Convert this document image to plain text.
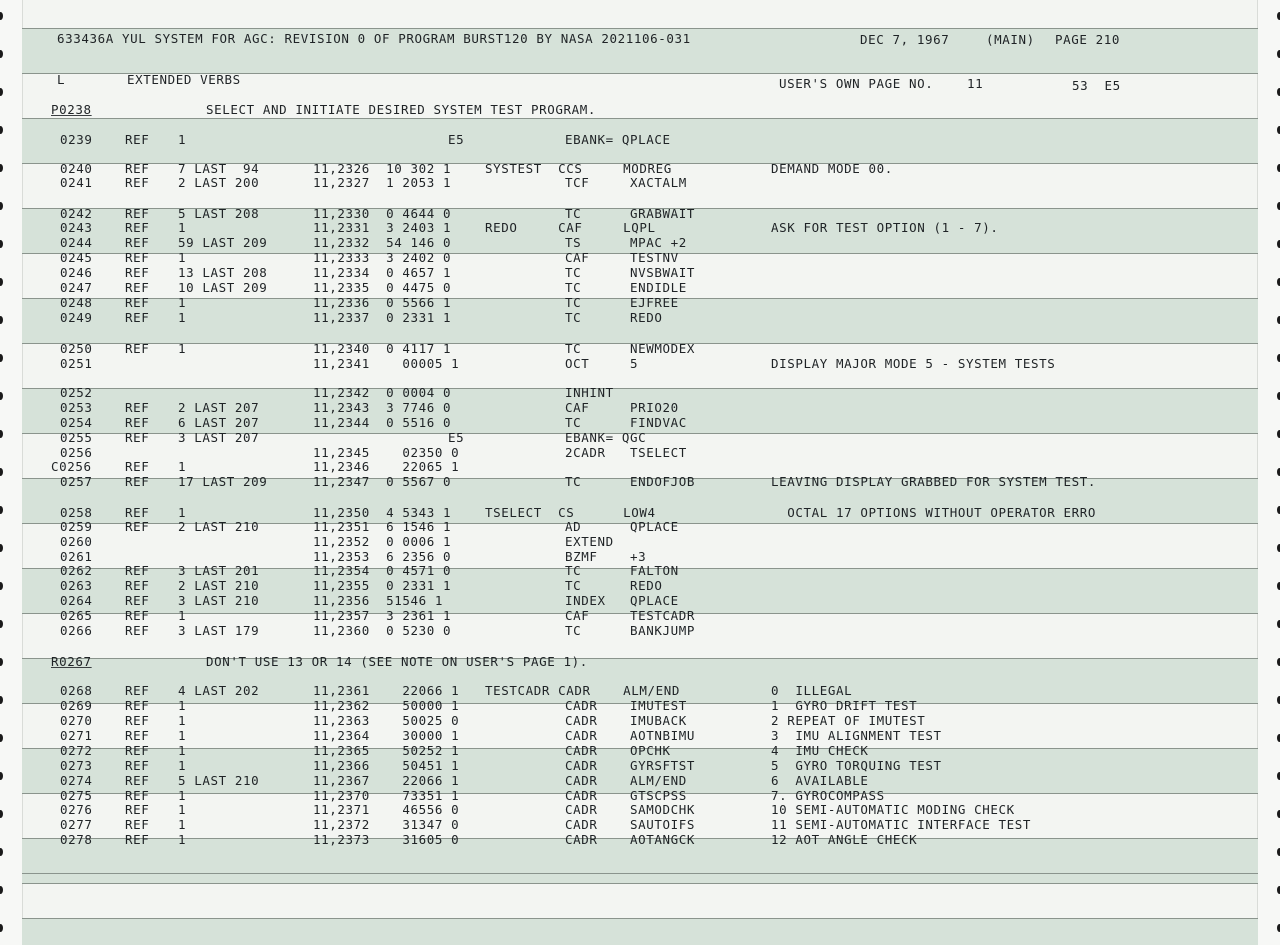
633436A YUL SYSTEM FOR AGC: REVISION 0 OF PROGRAM BURST120 BY NASA 2021106-031	DEC 7, 1967	(MAIN) PAGE 210
L	EXTENDED VERBS	USER'S OWN PAGE NO.	11	53  E5
P0238	SELECT AND INITIATE DESIRED SYSTEM TEST PROGRAM.
0239	REF 1	E5	EBANK= QPLACE
0240	REF 7 LAST  94	11,2326  10 302 1	SYSTEST  CCS     MODREG	DEMAND MODE 00.
0241	REF 2 LAST 200	11,2327  1 2053 1	TCF     XACTALM
0242	REF 5 LAST 208	11,2330  0 4644 0	TC      GRABWAIT
0243	REF 1	11,2331  3 2403 1	REDO     CAF     LQPL	ASK FOR TEST OPTION (1 - 7).
0244	REF 59 LAST 209	11,2332  54 146 0	TS      MPAC +2
0245	REF 1	11,2333  3 2402 0	CAF     TESTNV
0246	REF 13 LAST 208	11,2334  0 4657 1	TC      NVSBWAIT
0247	REF 10 LAST 209	11,2335  0 4475 0	TC      ENDIDLE
0248	REF 1	11,2336  0 5566 1	TC      EJFREE
0249	REF 1	11,2337  0 2331 1	TC      REDO
0250	REF 1	11,2340  0 4117 1	TC      NEWMODEX
0251	11,2341    00005 1	OCT     5	DISPLAY MAJOR MODE 5 - SYSTEM TESTS
0252	11,2342  0 0004 0	INHINT
0253	REF 2 LAST 207	11,2343  3 7746 0	CAF     PRIO20
0254	REF 6 LAST 207	11,2344  0 5516 0	TC      FINDVAC
0255	REF 3 LAST 207	E5	EBANK= QGC
0256	11,2345    02350 0	2CADR   TSELECT
C0256	REF 1	11,2346    22065 1
0257	REF 17 LAST 209	11,2347  0 5567 0	TC      ENDOFJOB	LEAVING DISPLAY GRABBED FOR SYSTEM TEST.
0258	REF 1	11,2350  4 5343 1	TSELECT  CS      LOW4	OCTAL 17 OPTIONS WITHOUT OPERATOR ERRO
0259	REF 2 LAST 210	11,2351  6 1546 1	AD      QPLACE
0260	11,2352  0 0006 1	EXTEND
0261	11,2353  6 2356 0	BZMF    +3
0262	REF 3 LAST 201	11,2354  0 4571 0	TC      FALTON
0263	REF 2 LAST 210	11,2355  0 2331 1	TC      REDO
0264	REF 3 LAST 210	11,2356  51546 1	INDEX   QPLACE
0265	REF 1	11,2357  3 2361 1	CAF     TESTCADR
0266	REF 3 LAST 179	11,2360  0 5230 0	TC      BANKJUMP
R0267	DON'T USE 13 OR 14 (SEE NOTE ON USER'S PAGE 1).
0268	REF 4 LAST 202	11,2361    22066 1 TESTCADR CADR    ALM/END	0  ILLEGAL
0269	REF 1	11,2362    50000 1	CADR    IMUTEST	1  GYRO DRIFT TEST
0270	REF 1	11,2363    50025 0	CADR    IMUBACK	2 REPEAT OF IMUTEST
0271	REF 1	11,2364    30000 1	CADR    AOTNBIMU	3  IMU ALIGNMENT TEST
0272	REF 1	11,2365    50252 1	CADR    OPCHK	4  IMU CHECK
0273	REF 1	11,2366    50451 1	CADR    GYRSFTST	5  GYRO TORQUING TEST
0274	REF 5 LAST 210	11,2367    22066 1	CADR    ALM/END	6  AVAILABLE
0275	REF 1	11,2370    73351 1	CADR    GTSCPSS	7. GYROCOMPASS
0276	REF 1	11,2371    46556 0	CADR    SAMODCHK	10 SEMI-AUTOMATIC MODING CHECK
0277	REF 1	11,2372    31347 0	CADR    SAUTOIFS	11 SEMI-AUTOMATIC INTERFACE TEST
0278	REF 1	11,2373    31605 0	CADR    AOTANGCK	12 AOT ANGLE CHECK
